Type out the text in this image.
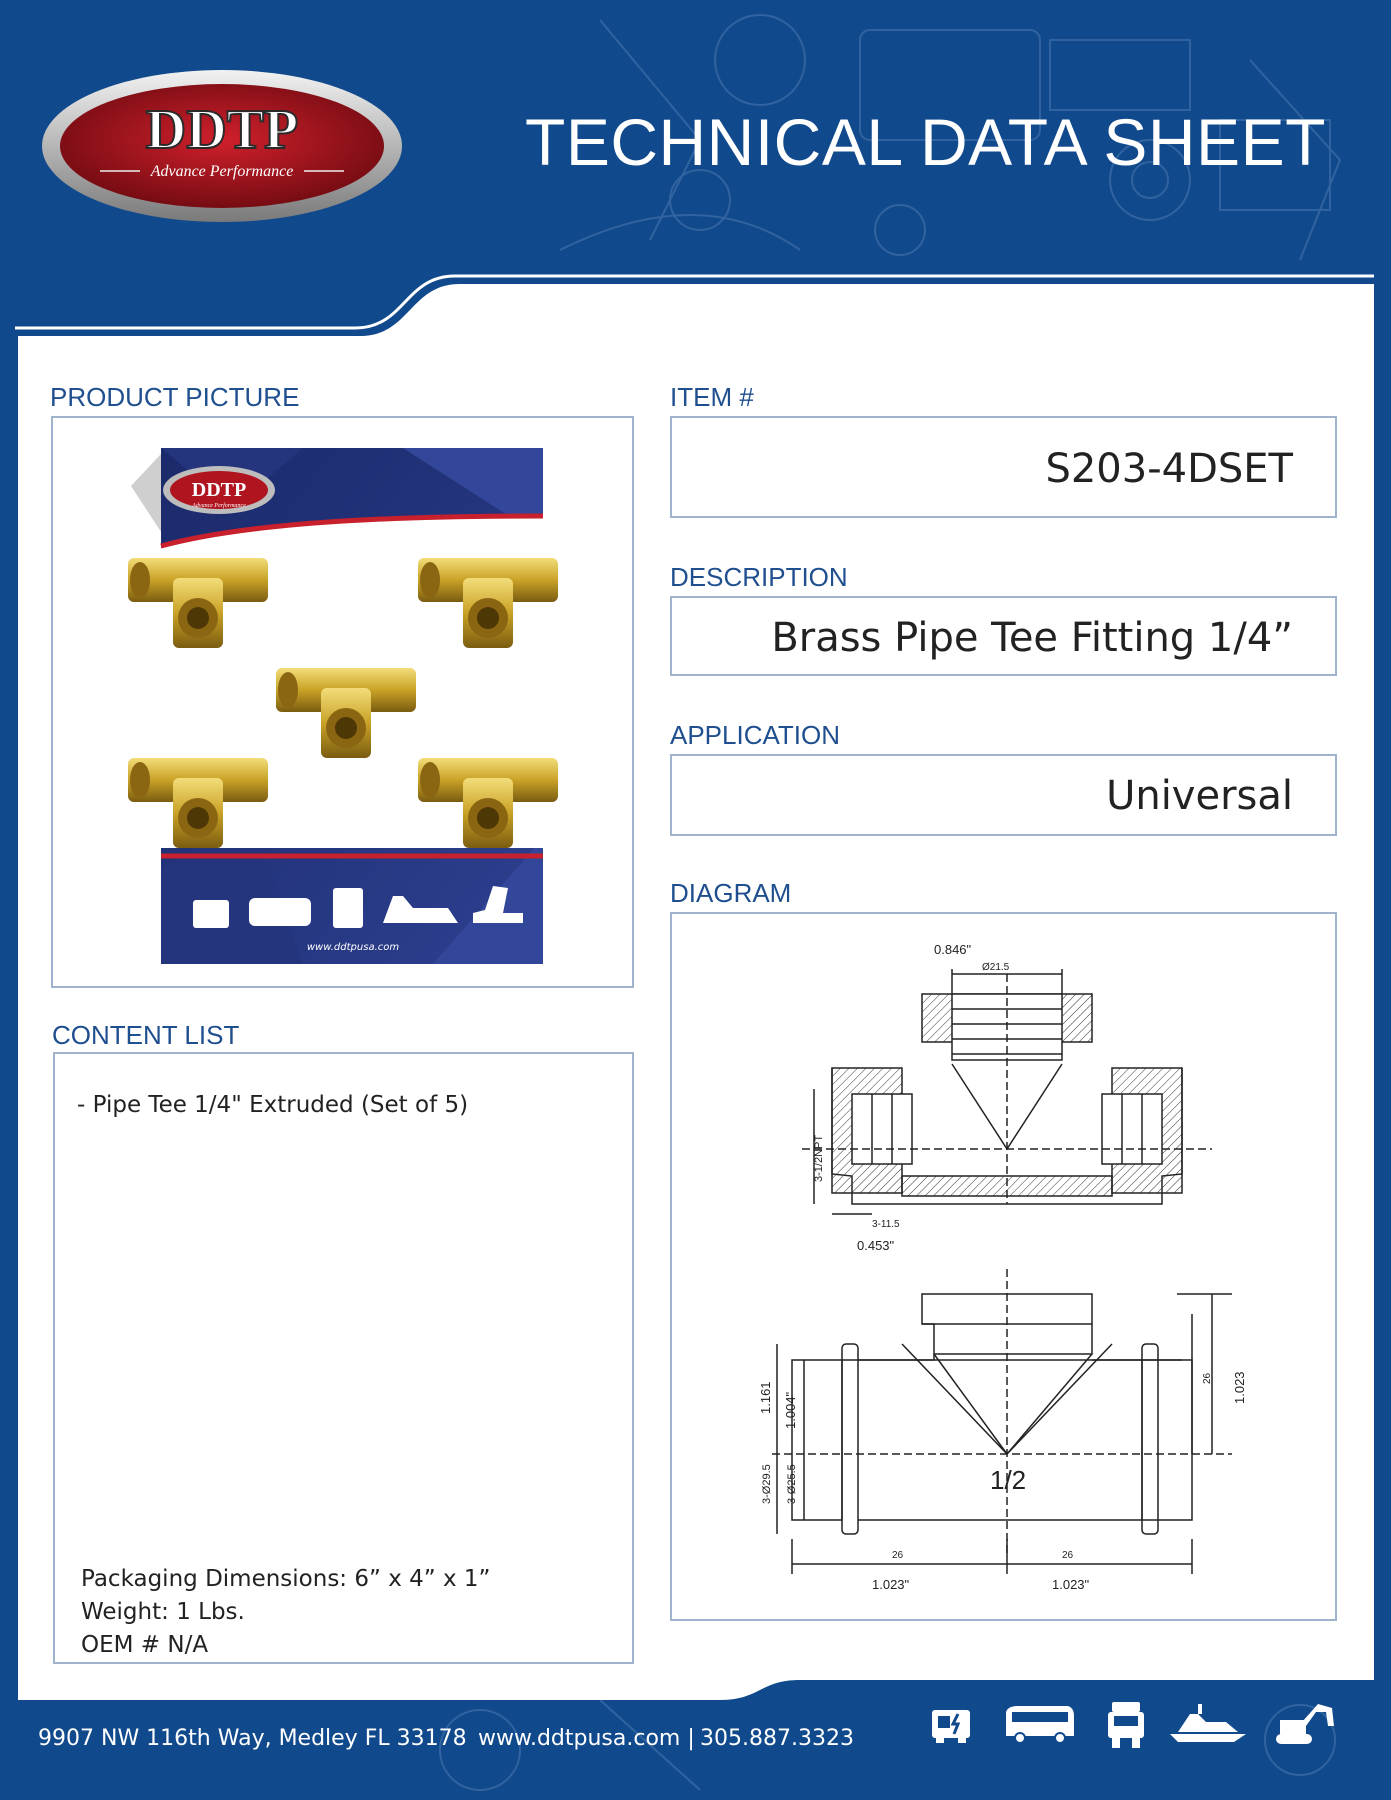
DDTP
Advance Performance	TECHNICAL DATA SHEET
PRODUCT PICTURE	ITEM #
DESCRIPTION
APPLICATION
DIAGRAM
CONTENT LIST
DDTP
Advance Performance
www.ddtpusa.com
S203-4DSET
Brass Pipe Tee Fitting 1/4”
Universal
0.846"
Ø21.5
3-1/2NPT
3-11.5
0.453"
26 1.023
3-Ø29.5 3-Ø25.5
1.161 1.004"
1/2
26	26
1.023"	1.023"
- Pipe Tee 1/4" Extruded (Set of 5)
Packaging Dimensions: 6” x 4” x 1”
Weight: 1 Lbs.
OEM # N/A
9907 NW 116th Way, Medley FL 33178 www.ddtpusa.com | 305.887.3323
